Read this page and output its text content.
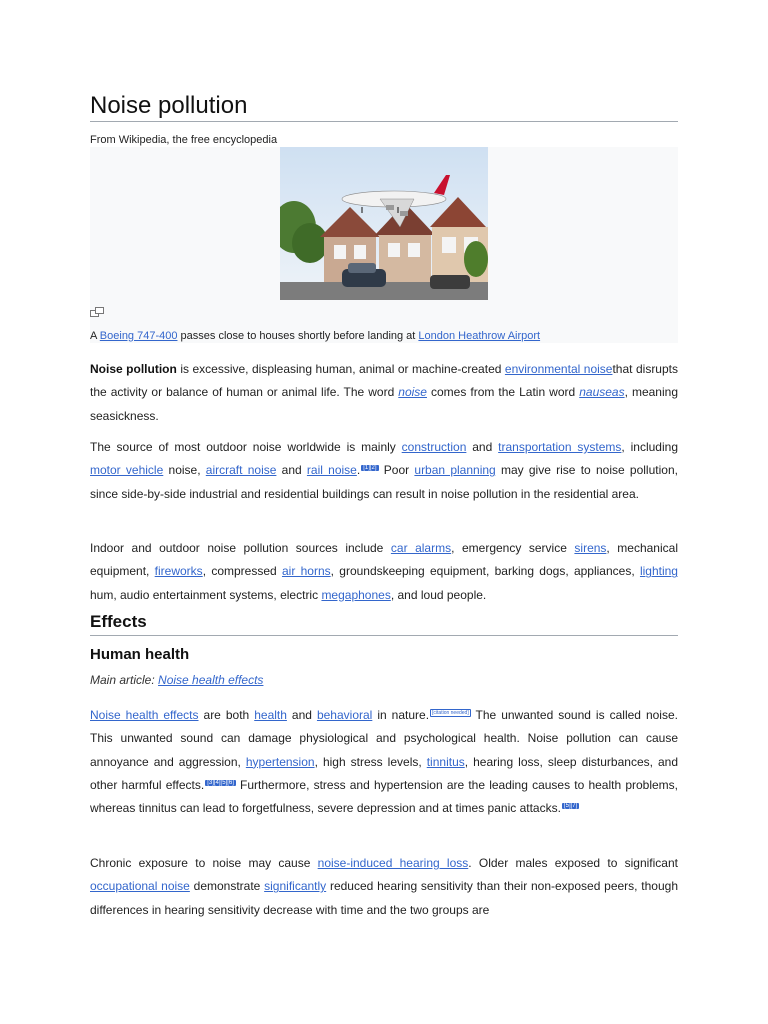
Noise pollution
From Wikipedia, the free encyclopedia
A Boeing 747-400 passes close to houses shortly before landing at London Heathrow Airport

Noise pollution is excessive, displeasing human, animal or machine-created environmental noisethat disrupts the activity or balance of human or animal life. The word noise comes from the Latin word nauseas, meaning seasickness.

The source of most outdoor noise worldwide is mainly construction and transportation systems, including motor vehicle noise, aircraft noise and rail noise. [1][2] Poor urban planning may give rise to noise pollution, since side-by-side industrial and residential buildings can result in noise pollution in the residential area.

Indoor and outdoor noise pollution sources include car alarms, emergency service sirens, mechanical equipment, fireworks, compressed air horns, groundskeeping equipment, barking dogs, appliances, lighting hum, audio entertainment systems, electric megaphones, and loud people.

Effects
Human health
Main article: Noise health effects

Noise health effects are both health and behavioral in nature. [citation needed] The unwanted sound is called noise. This unwanted sound can damage physiological and psychological health. Noise pollution can cause annoyance and aggression, hypertension, high stress levels, tinnitus, hearing loss, sleep disturbances, and other harmful effects. [3][4][5][6] Furthermore, stress and hypertension are the leading causes to health problems, whereas tinnitus can lead to forgetfulness, severe depression and at times panic attacks. [5][7]

Chronic exposure to noise may cause noise-induced hearing loss. Older males exposed to significant occupational noise demonstrate significantly reduced hearing sensitivity than their non-exposed peers, though differences in hearing sensitivity decrease with time and the two groups are
